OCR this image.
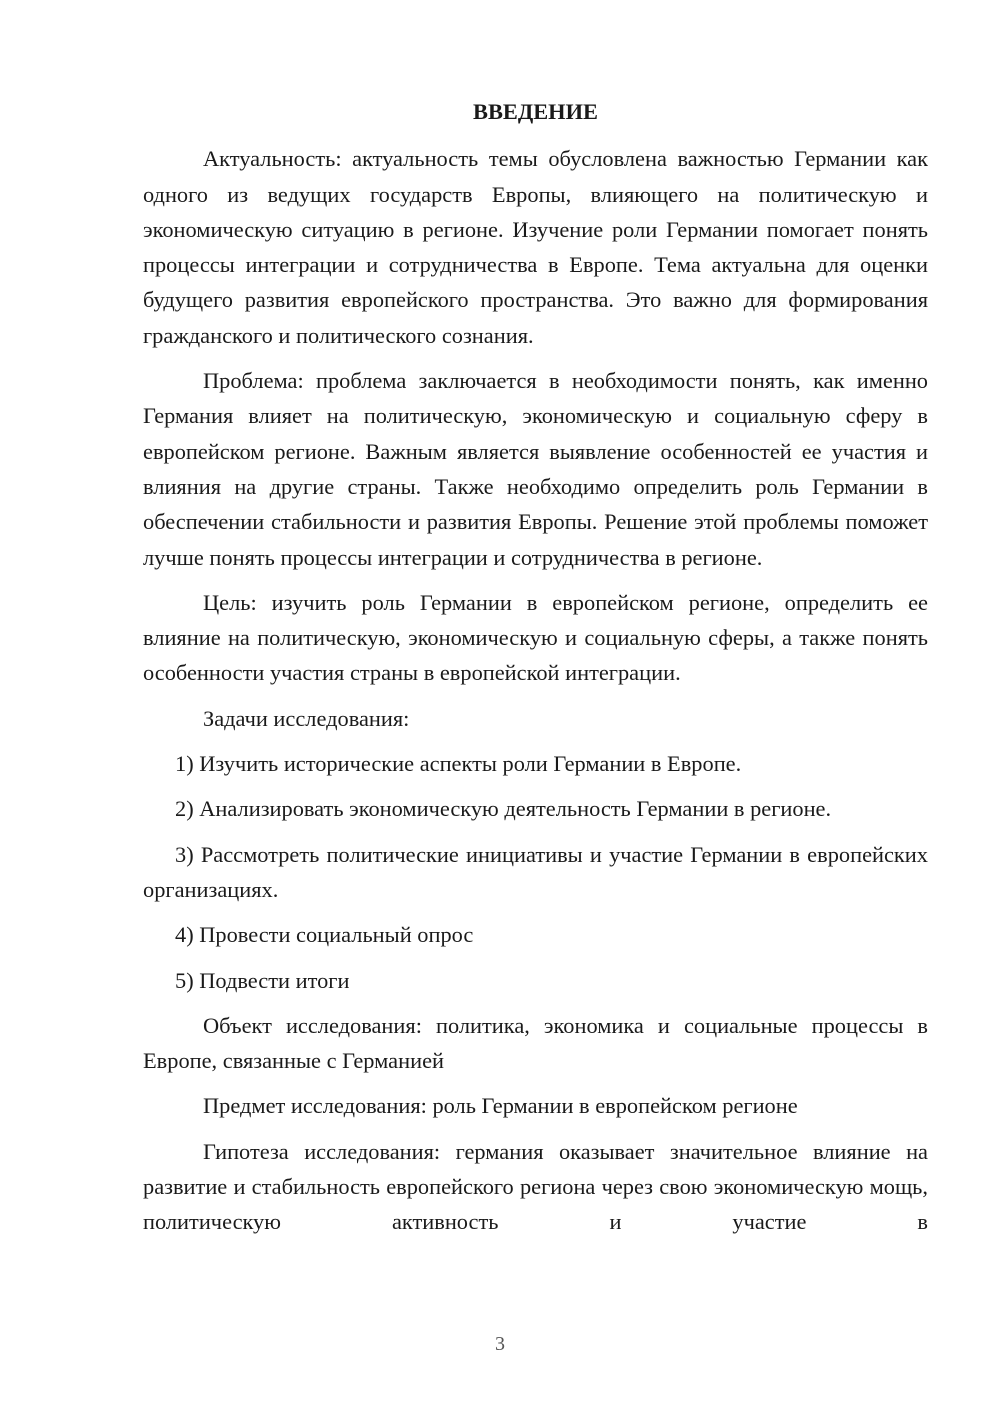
ВВЕДЕНИЕ

Актуальность: актуальность темы обусловлена важностью Германии как одного из ведущих государств Европы, влияющего на политическую и экономическую ситуацию в регионе. Изучение роли Германии помогает понять процессы интеграции и сотрудничества в Европе. Тема актуальна для оценки будущего развития европейского пространства. Это важно для формирования гражданского и политического сознания.

Проблема: проблема заключается в необходимости понять, как именно Германия влияет на политическую, экономическую и социальную сферу в европейском регионе. Важным является выявление особенностей ее участия и влияния на другие страны. Также необходимо определить роль Германии в обеспечении стабильности и развития Европы. Решение этой проблемы поможет лучше понять процессы интеграции и сотрудничества в регионе.

Цель: изучить роль Германии в европейском регионе, определить ее влияние на политическую, экономическую и социальную сферы, а также понять особенности участия страны в европейской интеграции.

Задачи исследования:

1) Изучить исторические аспекты роли Германии в Европе.

2) Анализировать экономическую деятельность Германии в регионе.

3) Рассмотреть политические инициативы и участие Германии в европейских организациях.

4) Провести социальный опрос

5) Подвести итоги

Объект исследования: политика, экономика и социальные процессы в Европе, связанные с Германией

Предмет исследования: роль Германии в европейском регионе

Гипотеза исследования: германия оказывает значительное влияние на развитие и стабильность европейского региона через свою экономическую мощь, политическую активность и участие в

3
